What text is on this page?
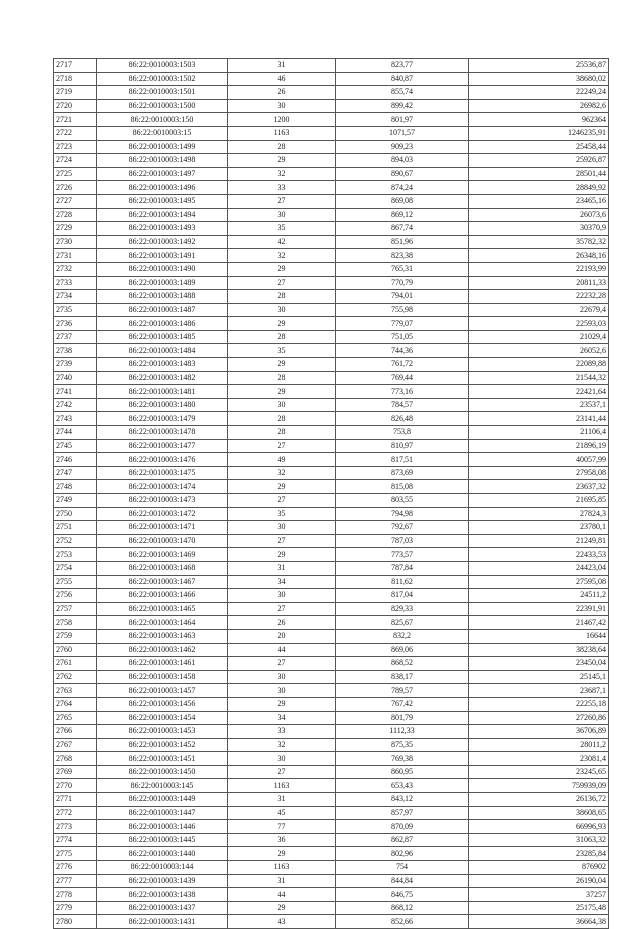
2717	86:22:0010003:1503	31	823,77	25536,87
2718	86:22:0010003:1502	46	840,87	38680,02
2719	86:22:0010003:1501	26	855,74	22249,24
2720	86:22:0010003:1500	30	899,42	26982,6
2721	86:22:0010003:150	1200	801,97	962364
2722	86:22:0010003:15	1163	1071,57	1246235,91
2723	86:22:0010003:1499	28	909,23	25458,44
2724	86:22:0010003:1498	29	894,03	25926,87
2725	86:22:0010003:1497	32	890,67	28501,44
2726	86:22:0010003:1496	33	874,24	28849,92
2727	86:22:0010003:1495	27	869,08	23465,16
2728	86:22:0010003:1494	30	869,12	26073,6
2729	86:22:0010003:1493	35	867,74	30370,9
2730	86:22:0010003:1492	42	851,96	35782,32
2731	86:22:0010003:1491	32	823,38	26348,16
2732	86:22:0010003:1490	29	765,31	22193,99
2733	86:22:0010003:1489	27	770,79	20811,33
2734	86:22:0010003:1488	28	794,01	22232,28
2735	86:22:0010003:1487	30	755,98	22679,4
2736	86:22:0010003:1486	29	779,07	22593,03
2737	86:22:0010003:1485	28	751,05	21029,4
2738	86:22:0010003:1484	35	744,36	26052,6
2739	86:22:0010003:1483	29	761,72	22089,88
2740	86:22:0010003:1482	28	769,44	21544,32
2741	86:22:0010003:1481	29	773,16	22421,64
2742	86:22:0010003:1480	30	784,57	23537,1
2743	86:22:0010003:1479	28	826,48	23141,44
2744	86:22:0010003:1478	28	753,8	21106,4
2745	86:22:0010003:1477	27	810,97	21896,19
2746	86:22:0010003:1476	49	817,51	40057,99
2747	86:22:0010003:1475	32	873,69	27958,08
2748	86:22:0010003:1474	29	815,08	23637,32
2749	86:22:0010003:1473	27	803,55	21695,85
2750	86:22:0010003:1472	35	794,98	27824,3
2751	86:22:0010003:1471	30	792,67	23780,1
2752	86:22:0010003:1470	27	787,03	21249,81
2753	86:22:0010003:1469	29	773,57	22433,53
2754	86:22:0010003:1468	31	787,84	24423,04
2755	86:22:0010003:1467	34	811,62	27595,08
2756	86:22:0010003:1466	30	817,04	24511,2
2757	86:22:0010003:1465	27	829,33	22391,91
2758	86:22:0010003:1464	26	825,67	21467,42
2759	86:22:0010003:1463	20	832,2	16644
2760	86:22:0010003:1462	44	869,06	38238,64
2761	86:22:0010003:1461	27	868,52	23450,04
2762	86:22:0010003:1458	30	838,17	25145,1
2763	86:22:0010003:1457	30	789,57	23687,1
2764	86:22:0010003:1456	29	767,42	22255,18
2765	86:22:0010003:1454	34	801,79	27260,86
2766	86:22:0010003:1453	33	1112,33	36706,89
2767	86:22:0010003:1452	32	875,35	28011,2
2768	86:22:0010003:1451	30	769,38	23081,4
2769	86:22:0010003:1450	27	860,95	23245,65
2770	86:22:0010003:145	1163	653,43	759939,09
2771	86:22:0010003:1449	31	843,12	26136,72
2772	86:22:0010003:1447	45	857,97	38608,65
2773	86:22:0010003:1446	77	870,09	66996,93
2774	86:22:0010003:1445	36	862,87	31063,32
2775	86:22:0010003:1440	29	802,96	23285,84
2776	86:22:0010003:144	1163	754	876902
2777	86:22:0010003:1439	31	844,84	26190,04
2778	86:22:0010003:1438	44	846,75	37257
2779	86:22:0010003:1437	29	868,12	25175,48
2780	86:22:0010003:1431	43	852,66	36664,38
